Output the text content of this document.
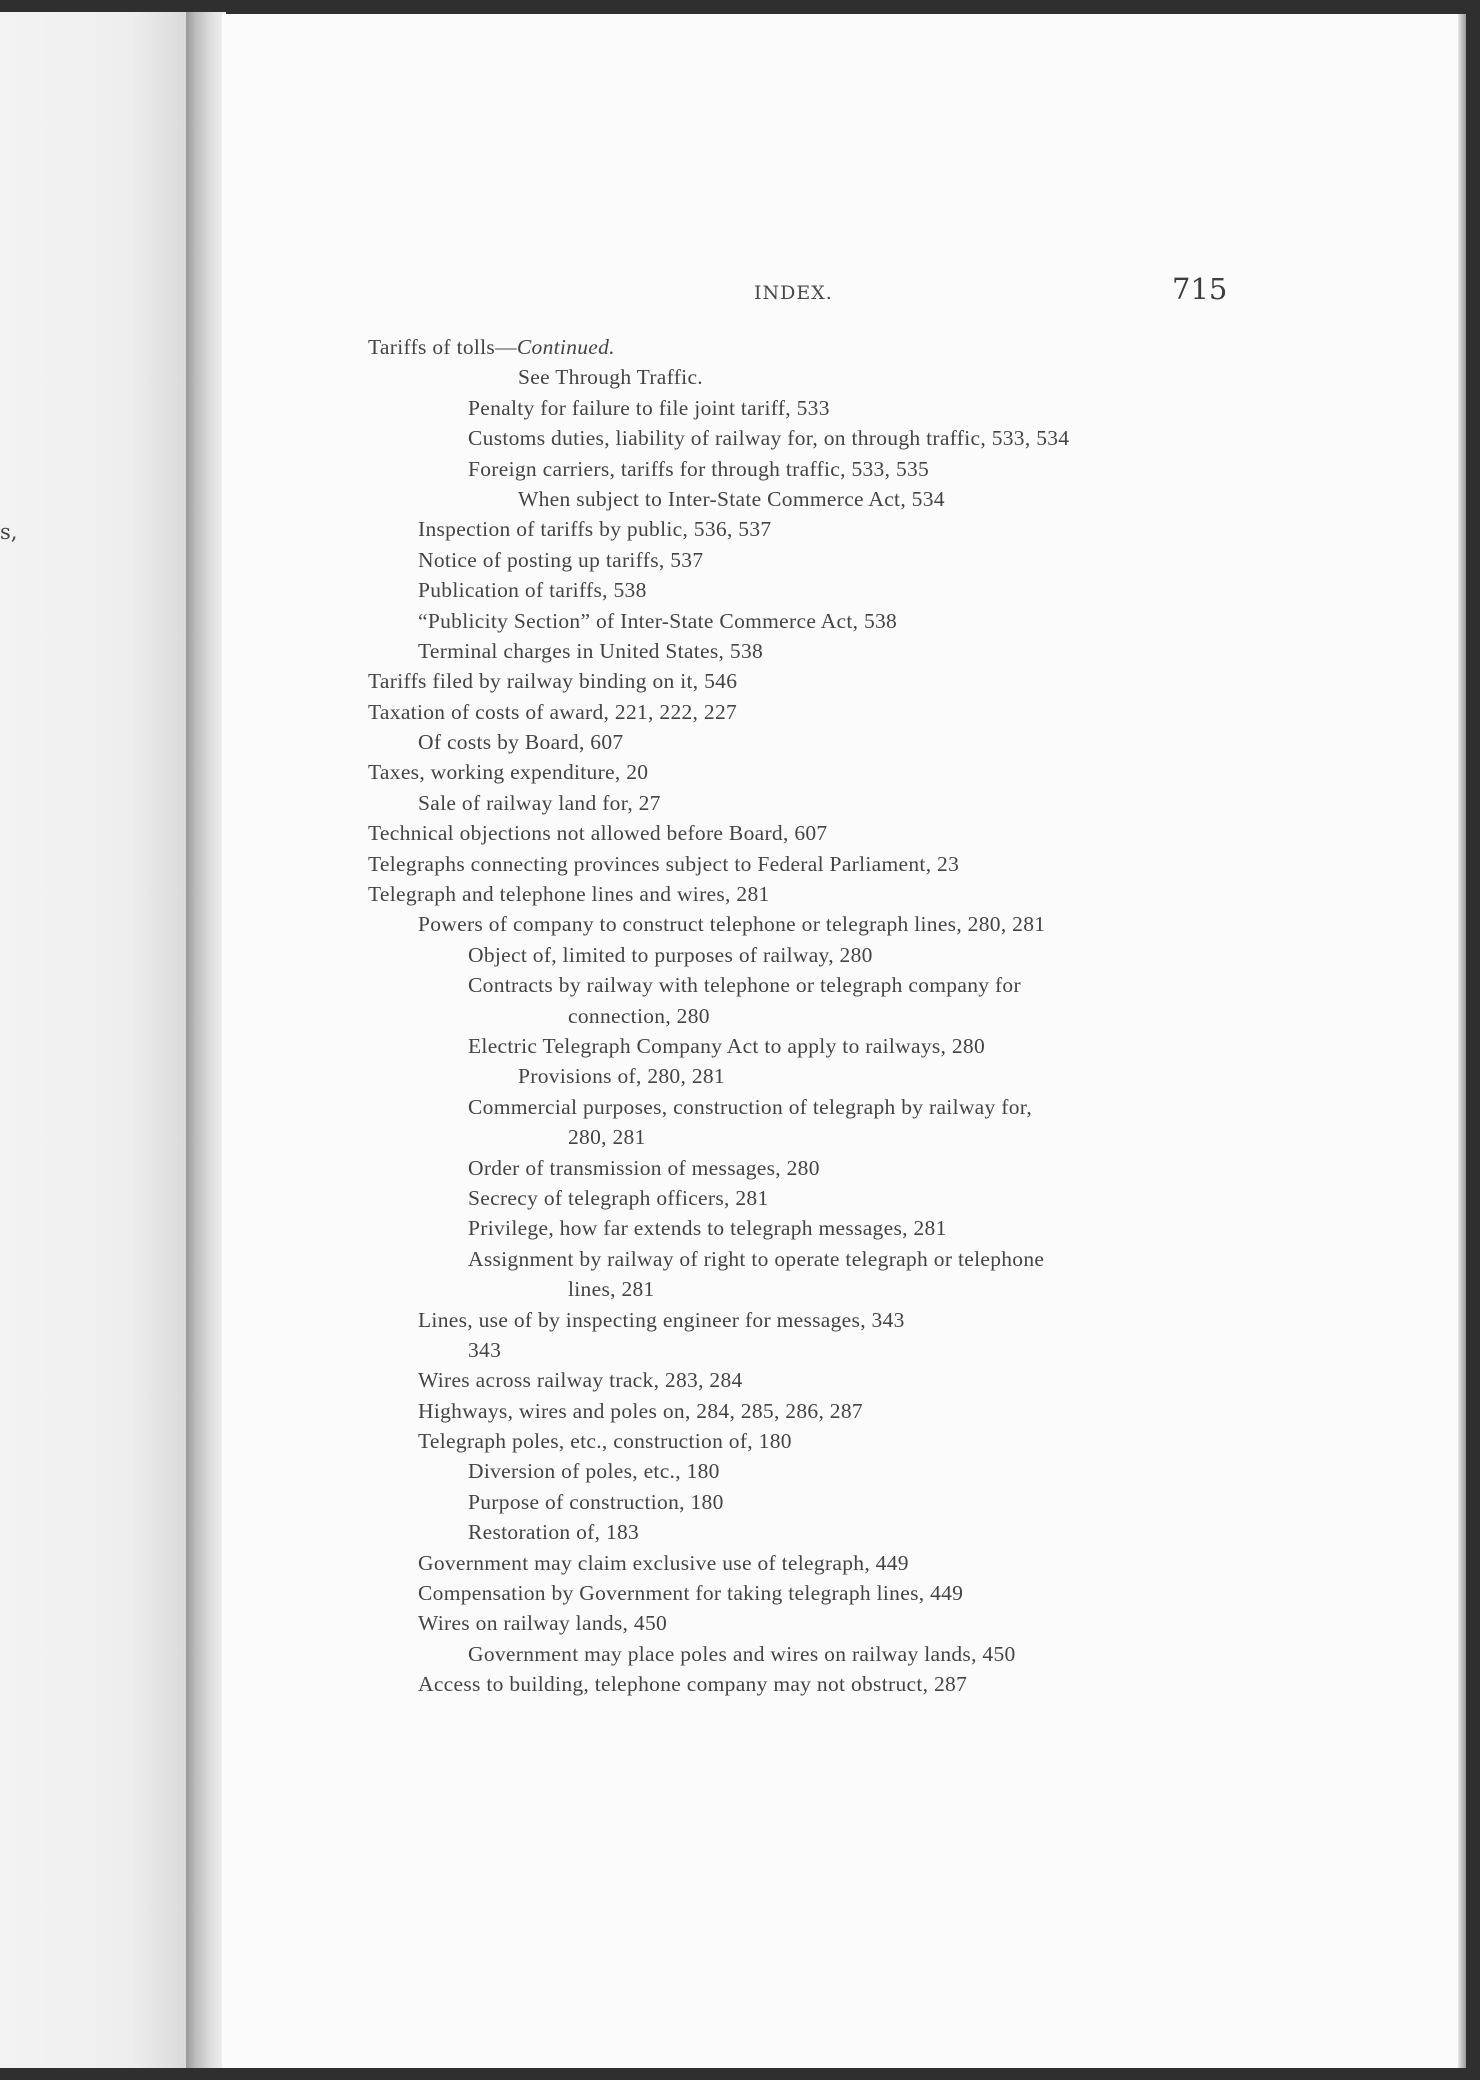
s,
INDEX.	715
Tariffs of tolls—Continued.
See Through Traffic.
Penalty for failure to file joint tariff, 533
Customs duties, liability of railway for, on through traffic, 533, 534
Foreign carriers, tariffs for through traffic, 533, 535
When subject to Inter-State Commerce Act, 534
Inspection of tariffs by public, 536, 537
Notice of posting up tariffs, 537
Publication of tariffs, 538
“Publicity Section” of Inter-State Commerce Act, 538
Terminal charges in United States, 538
Tariffs filed by railway binding on it, 546
Taxation of costs of award, 221, 222, 227
Of costs by Board, 607
Taxes, working expenditure, 20
Sale of railway land for, 27
Technical objections not allowed before Board, 607
Telegraphs connecting provinces subject to Federal Parliament, 23
Telegraph and telephone lines and wires, 281
Powers of company to construct telephone or telegraph lines, 280, 281
Object of, limited to purposes of railway, 280
Contracts by railway with telephone or telegraph company for
connection, 280
Electric Telegraph Company Act to apply to railways, 280
Provisions of, 280, 281
Commercial purposes, construction of telegraph by railway for,
280, 281
Order of transmission of messages, 280
Secrecy of telegraph officers, 281
Privilege, how far extends to telegraph messages, 281
Assignment by railway of right to operate telegraph or telephone
lines, 281
Lines, use of by inspecting engineer for messages, 343
343
Wires across railway track, 283, 284
Highways, wires and poles on, 284, 285, 286, 287
Telegraph poles, etc., construction of, 180
Diversion of poles, etc., 180
Purpose of construction, 180
Restoration of, 183
Government may claim exclusive use of telegraph, 449
Compensation by Government for taking telegraph lines, 449
Wires on railway lands, 450
Government may place poles and wires on railway lands, 450
Access to building, telephone company may not obstruct, 287
